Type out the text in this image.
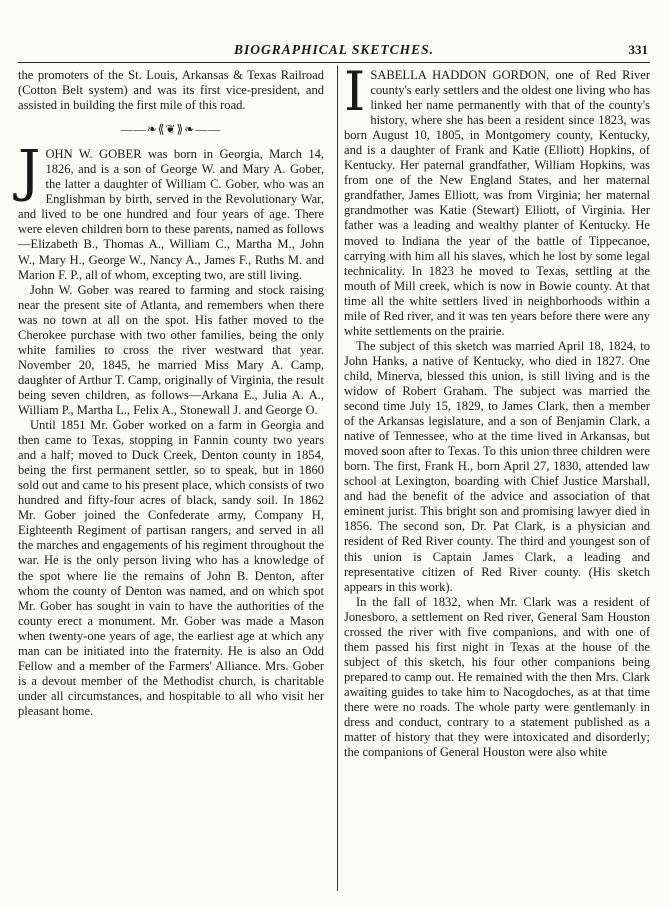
BIOGRAPHICAL SKETCHES.	331

the promoters of the St. Louis, Arkansas & Texas Railroad (Cotton Belt system) and was its first vice-president, and assisted in building the first mile of this road.

——❧⟪❦⟫❧——

JOHN W. GOBER was born in Georgia, March 14, 1826, and is a son of George W. and Mary A. Gober, the latter a daughter of William C. Gober, who was an Englishman by birth, served in the Revolutionary War, and lived to be one hundred and four years of age. There were eleven children born to these parents, named as follows —Elizabeth B., Thomas A., William C., Martha M., John W., Mary H., George W., Nancy A., James F., Ruths M. and Marion F. P., all of whom, excepting two, are still living.

John W. Gober was reared to farming and stock raising near the present site of Atlanta, and remembers when there was no town at all on the spot. His father moved to the Cherokee purchase with two other families, being the only white families to cross the river westward that year. November 20, 1845, he married Miss Mary A. Camp, daughter of Arthur T. Camp, originally of Virginia, the result being seven children, as follows—Arkana E., Julia A. A., William P., Martha L., Felix A., Stonewall J. and George O.

Until 1851 Mr. Gober worked on a farm in Georgia and then came to Texas, stopping in Fannin county two years and a half; moved to Duck Creek, Denton county in 1854, being the first permanent settler, so to speak, but in 1860 sold out and came to his present place, which consists of two hundred and fifty-four acres of black, sandy soil. In 1862 Mr. Gober joined the Confederate army, Company H, Eighteenth Regiment of partisan rangers, and served in all the marches and engagements of his regiment throughout the war. He is the only person living who has a knowledge of the spot where lie the remains of John B. Denton, after whom the county of Denton was named, and on which spot Mr. Gober has sought in vain to have the authorities of the county erect a monument. Mr. Gober was made a Mason when twenty-one years of age, the earliest age at which any man can be initiated into the fraternity. He is also an Odd Fellow and a member of the Farmers' Alliance. Mrs. Gober is a devout member of the Methodist church, is charitable under all circumstances, and hospitable to all who visit her pleasant home.

ISABELLA HADDON GORDON, one of Red River county's early settlers and the oldest one living who has linked her name permanently with that of the county's history, where she has been a resident since 1823, was born August 10, 1805, in Montgomery county, Kentucky, and is a daughter of Frank and Katie (Elliott) Hopkins, of Kentucky. Her paternal grandfather, William Hopkins, was from one of the New England States, and her maternal grandfather, James Elliott, was from Virginia; her maternal grandmother was Katie (Stewart) Elliott, of Virginia. Her father was a leading and wealthy planter of Kentucky. He moved to Indiana the year of the battle of Tippecanoe, carrying with him all his slaves, which he lost by some legal technicality. In 1823 he moved to Texas, settling at the mouth of Mill creek, which is now in Bowie county. At that time all the white settlers lived in neighborhoods within a mile of Red river, and it was ten years before there were any white settlements on the prairie.

The subject of this sketch was married April 18, 1824, to John Hanks, a native of Kentucky, who died in 1827. One child, Minerva, blessed this union, is still living and is the widow of Robert Graham. The subject was married the second time July 15, 1829, to James Clark, then a member of the Arkansas legislature, and a son of Benjamin Clark, a native of Tennessee, who at the time lived in Arkansas, but moved soon after to Texas. To this union three children were born. The first, Frank H., born April 27, 1830, attended law school at Lexington, boarding with Chief Justice Marshall, and had the benefit of the advice and association of that eminent jurist. This bright son and promising lawyer died in 1856. The second son, Dr. Pat Clark, is a physician and resident of Red River county. The third and youngest son of this union is Captain James Clark, a leading and representative citizen of Red River county. (His sketch appears in this work).

In the fall of 1832, when Mr. Clark was a resident of Jonesboro, a settlement on Red river, General Sam Houston crossed the river with five companions, and with one of them passed his first night in Texas at the house of the subject of this sketch, his four other companions being prepared to camp out. He remained with the then Mrs. Clark awaiting guides to take him to Nacogdoches, as at that time there were no roads. The whole party were gentlemanly in dress and conduct, contrary to a statement published as a matter of history that they were intoxicated and disorderly; the companions of General Houston were also white
